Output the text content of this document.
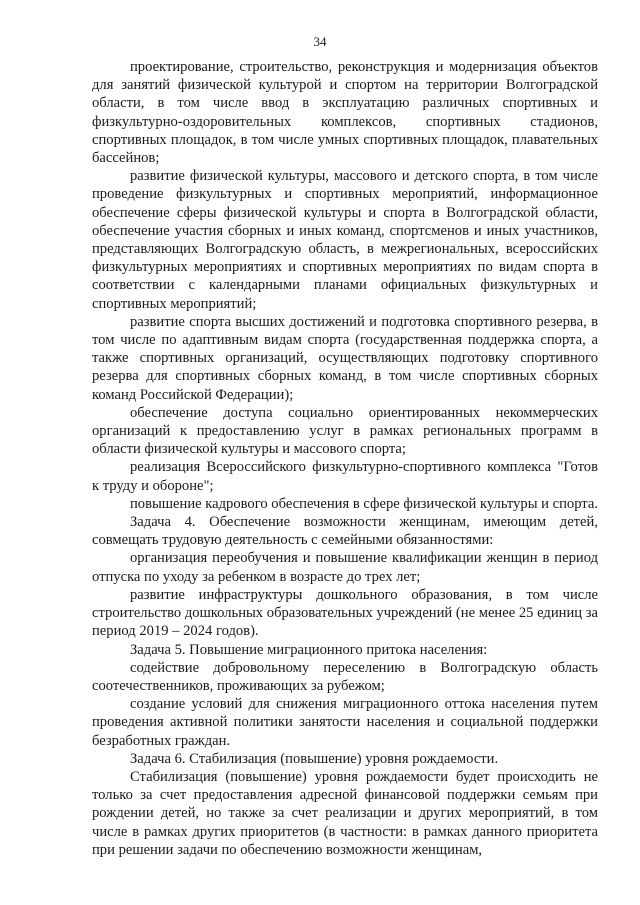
34

проектирование, строительство, реконструкция и модернизация объектов для занятий физической культурой и спортом на территории Волгоградской области, в том числе ввод в эксплуатацию различных спортивных и физкультурно-оздоровительных комплексов, спортивных стадионов, спортивных площадок, в том числе умных спортивных площадок, плавательных бассейнов;

развитие физической культуры, массового и детского спорта, в том числе проведение физкультурных и спортивных мероприятий, информационное обеспечение сферы физической культуры и спорта в Волгоградской области, обеспечение участия сборных и иных команд, спортсменов и иных участников, представляющих Волгоградскую область, в межрегиональных, всероссийских физкультурных мероприятиях и спортивных мероприятиях по видам спорта в соответствии с календарными планами официальных физкультурных и спортивных мероприятий;

развитие спорта высших достижений и подготовка спортивного резерва, в том числе по адаптивным видам спорта (государственная поддержка спорта, а также спортивных организаций, осуществляющих подготовку спортивного резерва для спортивных сборных команд, в том числе спортивных сборных команд Российской Федерации);

обеспечение доступа социально ориентированных некоммерческих организаций к предоставлению услуг в рамках региональных программ в области физической культуры и массового спорта;

реализация Всероссийского физкультурно-спортивного комплекса "Готов к труду и обороне";

повышение кадрового обеспечения в сфере физической культуры и спорта.

Задача 4. Обеспечение возможности женщинам, имеющим детей, совмещать трудовую деятельность с семейными обязанностями:

организация переобучения и повышение квалификации женщин в период отпуска по уходу за ребенком в возрасте до трех лет;

развитие инфраструктуры дошкольного образования, в том числе строительство дошкольных образовательных учреждений (не менее 25 единиц за период 2019 – 2024 годов).

Задача 5. Повышение миграционного притока населения:

содействие добровольному переселению в Волгоградскую область соотечественников, проживающих за рубежом;

создание условий для снижения миграционного оттока населения путем проведения активной политики занятости населения и социальной поддержки безработных граждан.

Задача 6. Стабилизация (повышение) уровня рождаемости.

Стабилизация (повышение) уровня рождаемости будет происходить не только за счет предоставления адресной финансовой поддержки семьям при рождении детей, но также за счет реализации и других мероприятий, в том числе в рамках других приоритетов (в частности: в рамках данного приоритета при решении задачи по обеспечению возможности женщинам,
